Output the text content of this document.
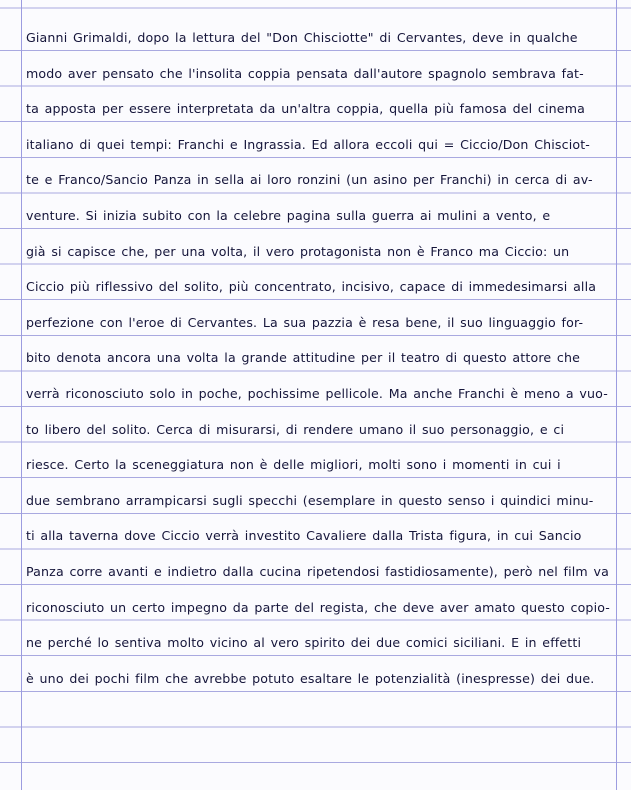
Gianni Grimaldi, dopo la lettura del "Don Chisciotte" di Cervantes, deve in qualche
modo aver pensato che l'insolita coppia pensata dall'autore spagnolo sembrava fat-
ta apposta per essere interpretata da un'altra coppia, quella più famosa del cinema
italiano di quei tempi: Franchi e Ingrassia. Ed allora eccoli qui = Ciccio/Don Chisciot-
te e Franco/Sancio Panza in sella ai loro ronzini (un asino per Franchi) in cerca di av-
venture. Si inizia subito con la celebre pagina sulla guerra ai mulini a vento, e
già si capisce che, per una volta, il vero protagonista non è Franco ma Ciccio: un
Ciccio più riflessivo del solito, più concentrato, incisivo, capace di immedesimarsi alla
perfezione con l'eroe di Cervantes. La sua pazzia è resa bene, il suo linguaggio for-
bito denota ancora una volta la grande attitudine per il teatro di questo attore che
verrà riconosciuto solo in poche, pochissime pellicole. Ma anche Franchi è meno a vuo-
to libero del solito. Cerca di misurarsi, di rendere umano il suo personaggio, e ci
riesce. Certo la sceneggiatura non è delle migliori, molti sono i momenti in cui i
due sembrano arrampicarsi sugli specchi (esemplare in questo senso i quindici minu-
ti alla taverna dove Ciccio verrà investito Cavaliere dalla Trista figura, in cui Sancio
Panza corre avanti e indietro dalla cucina ripetendosi fastidiosamente), però nel film va
riconosciuto un certo impegno da parte del regista, che deve aver amato questo copio-
ne perché lo sentiva molto vicino al vero spirito dei due comici siciliani. E in effetti
è uno dei pochi film che avrebbe potuto esaltare le potenzialità (inespresse) dei due.
